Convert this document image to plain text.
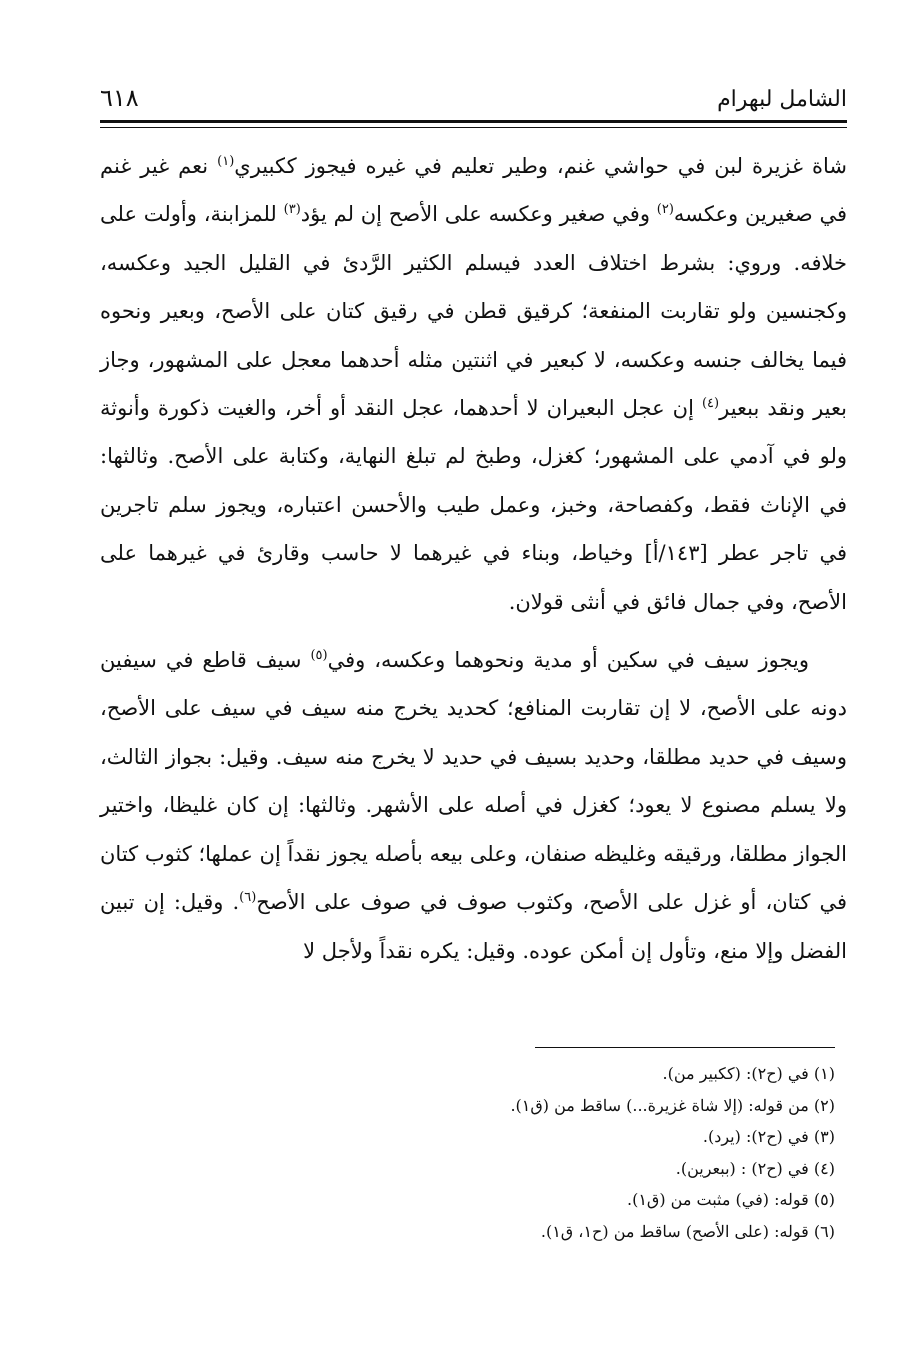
الشامل لبهرام
٦١٨

شاة غزيرة لبن في حواشي غنم، وطير تعليم في غيره فيجوز ككبيري$^{(١)}$ نعم غير غنم في صغيرين وعكسه$^{(٢)}$ وفي صغير وعكسه على الأصح إن لم يؤد$^{(٣)}$ للمزابنة، وأولت على خلافه. وروي: بشرط اختلاف العدد فيسلم الكثير الرَّدئ في القليل الجيد وعكسه، وكجنسين ولو تقاربت المنفعة؛ كرقيق قطن في رقيق كتان على الأصح، وبعير ونحوه فيما يخالف جنسه وعكسه، لا كبعير في اثنتين مثله أحدهما معجل على المشهور، وجاز بعير ونقد ببعير$^{(٤)}$ إن عجل البعيران لا أحدهما، عجل النقد أو أخر، والغيت ذكورة وأنوثة ولو في آدمي على المشهور؛ كغزل، وطبخ لم تبلغ النهاية، وكتابة على الأصح. وثالثها: في الإناث فقط، وكفصاحة، وخبز، وعمل طيب والأحسن اعتباره، ويجوز سلم تاجرين في تاجر عطر [١٤٣/أ] وخياط، وبناء في غيرهما لا حاسب وقارئ في غيرهما على الأصح، وفي جمال فائق في أنثى قولان.

ويجوز سيف في سكين أو مدية ونحوهما وعكسه، وفي$^{(٥)}$ سيف قاطع في سيفين دونه على الأصح، لا إن تقاربت المنافع؛ كحديد يخرج منه سيف في سيف على الأصح، وسيف في حديد مطلقا، وحديد بسيف في حديد لا يخرج منه سيف. وقيل: بجواز الثالث، ولا يسلم مصنوع لا يعود؛ كغزل في أصله على الأشهر. وثالثها: إن كان غليظا، واختير الجواز مطلقا، ورقيقه وغليظه صنفان، وعلى بيعه بأصله يجوز نقداً إن عملها؛ كثوب كتان في كتان، أو غزل على الأصح، وكثوب صوف في صوف على الأصح$^{(٦)}$. وقيل: إن تبين الفضل وإلا منع، وتأول إن أمكن عوده. وقيل: يكره نقداً ولأجل لا

(١) في (ح٢): (ككبير من).

(٢) من قوله: (إلا شاة غزيرة...) ساقط من (ق١).

(٣) في (ح٢): (يرد).

(٤) في (ح٢) : (ببعرين).

(٥) قوله: (في) مثبت من (ق١).

(٦) قوله: (على الأصح) ساقط من (ح١، ق١).
